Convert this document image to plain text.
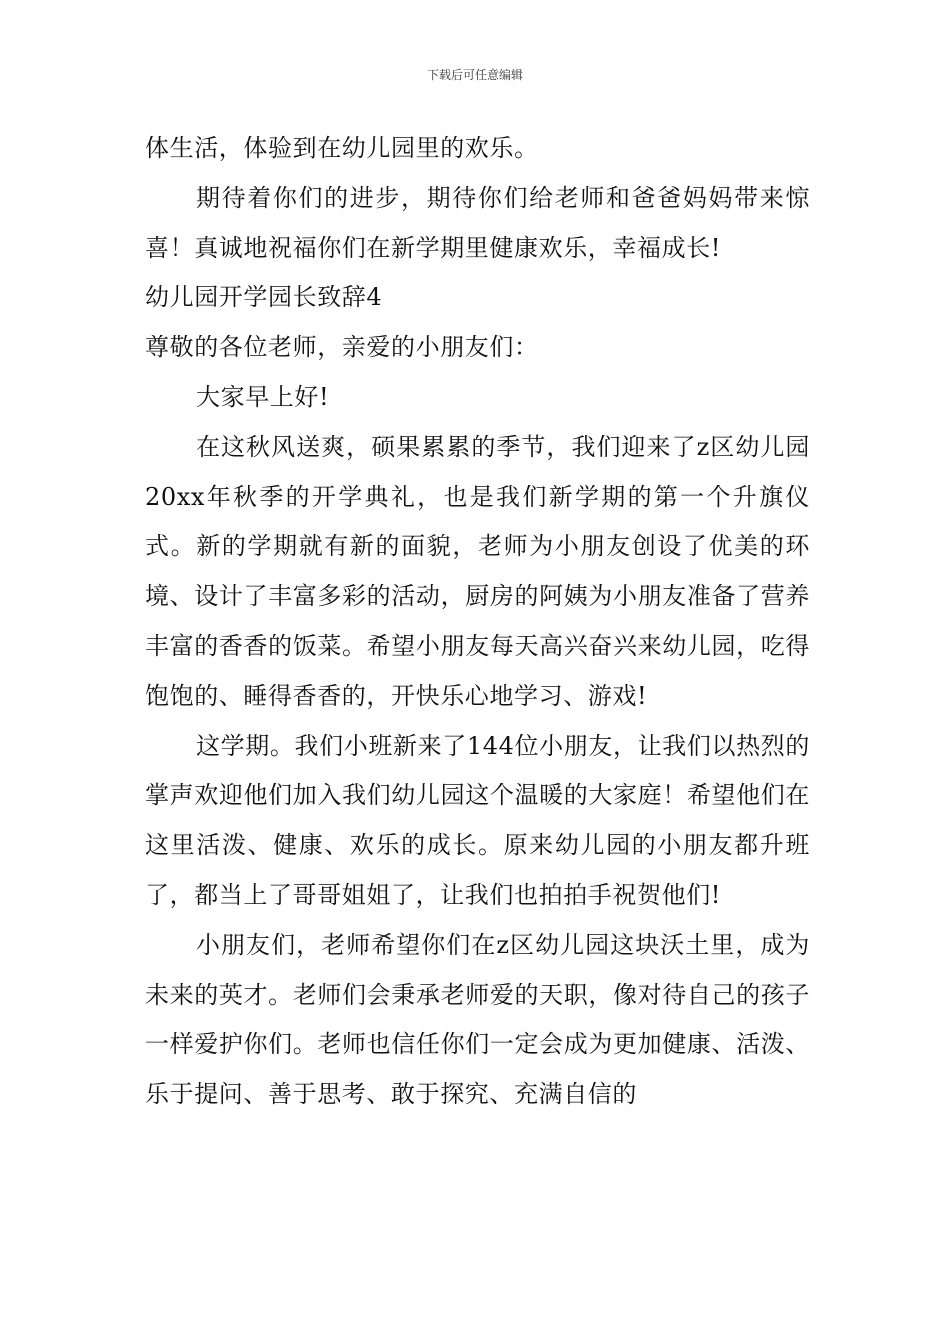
下载后可任意编辑

体生活，体验到在幼儿园里的欢乐。

期待着你们的进步，期待你们给老师和爸爸妈妈带来惊喜！真诚地祝福你们在新学期里健康欢乐，幸福成长!

幼儿园开学园长致辞4

尊敬的各位老师，亲爱的小朋友们：

大家早上好!

在这秋风送爽，硕果累累的季节，我们迎来了z区幼儿园20xx年秋季的开学典礼，也是我们新学期的第一个升旗仪式。新的学期就有新的面貌，老师为小朋友创设了优美的环境、设计了丰富多彩的活动，厨房的阿姨为小朋友准备了营养丰富的香香的饭菜。希望小朋友每天高兴奋兴来幼儿园，吃得饱饱的、睡得香香的，开快乐心地学习、游戏!

这学期。我们小班新来了144位小朋友，让我们以热烈的掌声欢迎他们加入我们幼儿园这个温暖的大家庭！希望他们在这里活泼、健康、欢乐的成长。原来幼儿园的小朋友都升班了，都当上了哥哥姐姐了，让我们也拍拍手祝贺他们!

小朋友们，老师希望你们在z区幼儿园这块沃土里，成为未来的英才。老师们会秉承老师爱的天职，像对待自己的孩子一样爱护你们。老师也信任你们一定会成为更加健康、活泼、乐于提问、善于思考、敢于探究、充满自信的
